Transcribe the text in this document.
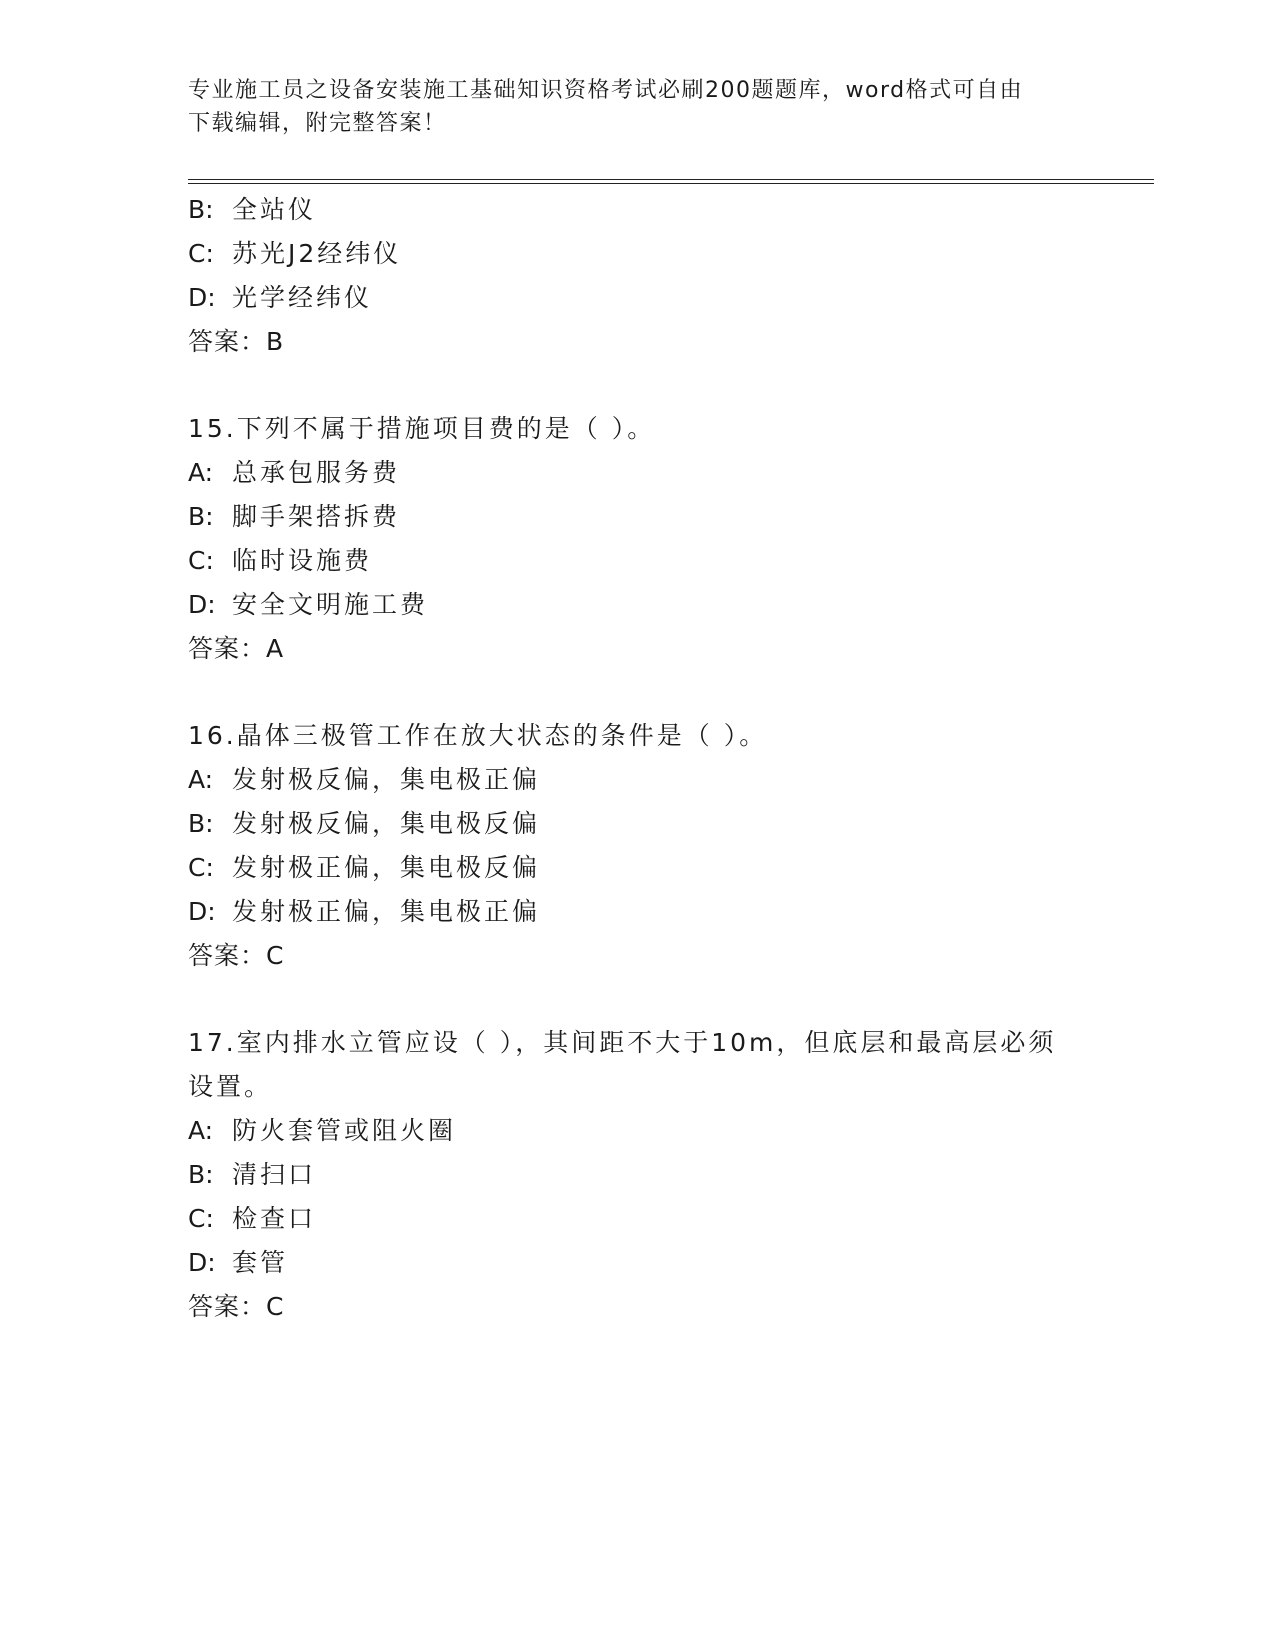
专业施工员之设备安装施工基础知识资格考试必刷200题题库，word格式可自由
下载编辑，附完整答案！
B: 全站仪
C: 苏光J2经纬仪
D: 光学经纬仪
答案：B
15.下列不属于措施项目费的是（ ）。
A: 总承包服务费
B: 脚手架搭拆费
C: 临时设施费
D: 安全文明施工费
答案：A
16.晶体三极管工作在放大状态的条件是（ ）。
A: 发射极反偏，集电极正偏
B: 发射极反偏，集电极反偏
C: 发射极正偏，集电极反偏
D: 发射极正偏，集电极正偏
答案：C
17.室内排水立管应设（ ），其间距不大于10m，但底层和最高层必须
设置。
A: 防火套管或阻火圈
B: 清扫口
C: 检查口
D: 套管
答案：C
